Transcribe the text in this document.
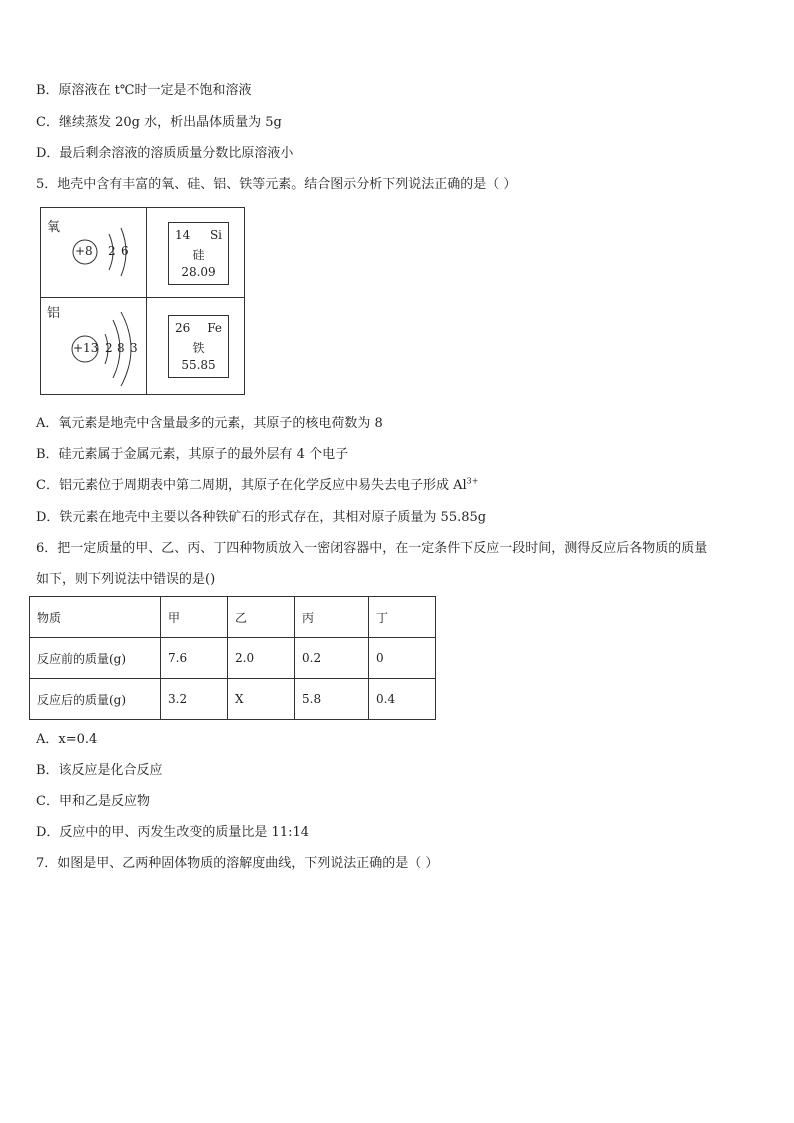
B．原溶液在 t℃时一定是不饱和溶液
C．继续蒸发 20g 水，析出晶体质量为 5g
D．最后剩余溶液的溶质质量分数比原溶液小
5．地壳中含有丰富的氧、硅、铝、铁等元素。结合图示分析下列说法正确的是（ ）
氧
+8 2 6
14 Si
硅
28.09
铝
+13 2 8 3
26 Fe
铁
55.85
A．氧元素是地壳中含量最多的元素，其原子的核电荷数为 8
B．硅元素属于金属元素，其原子的最外层有 4 个电子
C．铝元素位于周期表中第二周期，其原子在化学反应中易失去电子形成 $Al^{3+}$
D．铁元素在地壳中主要以各种铁矿石的形式存在，其相对原子质量为 55.85g
6．把一定质量的甲、乙、丙、丁四种物质放入一密闭容器中，在一定条件下反应一段时间，测得反应后各物质的质量
如下，则下列说法中错误的是()
物质	甲	乙	丙	丁
反应前的质量(g)	7.6	2.0	0.2	0
反应后的质量(g)	3.2	X	5.8	0.4
A．x=0.4
B．该反应是化合反应
C．甲和乙是反应物
D．反应中的甲、丙发生改变的质量比是 11:14
7．如图是甲、乙两种固体物质的溶解度曲线，下列说法正确的是（ ）
